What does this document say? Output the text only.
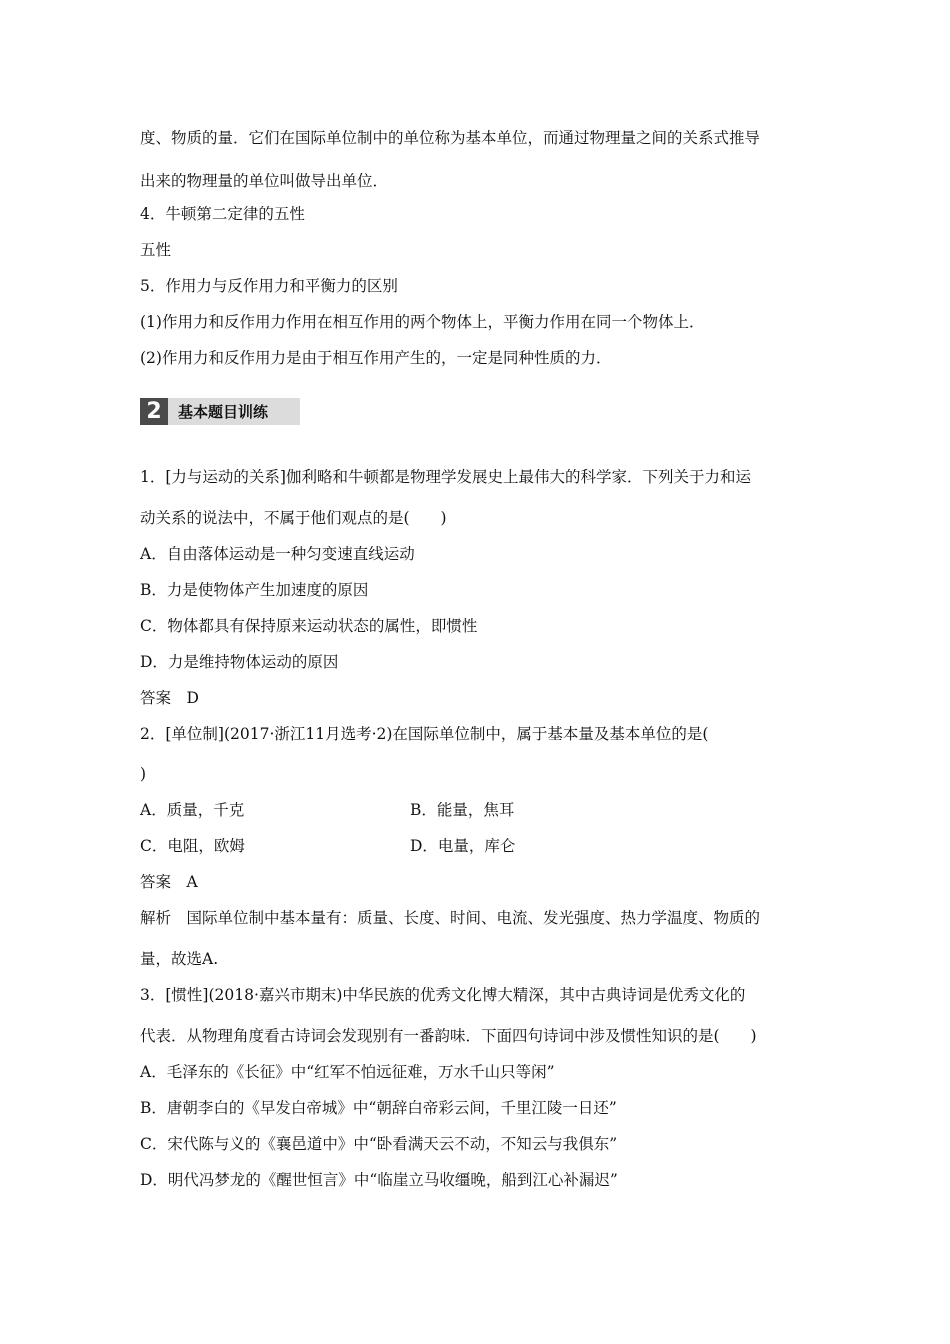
度、物质的量．它们在国际单位制中的单位称为基本单位，而通过物理量之间的关系式推导
出来的物理量的单位叫做导出单位．
4．牛顿第二定律的五性
五性
5．作用力与反作用力和平衡力的区别
(1)作用力和反作用力作用在相互作用的两个物体上，平衡力作用在同一个物体上．
(2)作用力和反作用力是由于相互作用产生的，一定是同种性质的力．
2	基本题目训练
1．[力与运动的关系]伽利略和牛顿都是物理学发展史上最伟大的科学家．下列关于力和运
动关系的说法中，不属于他们观点的是(　　)
A．自由落体运动是一种匀变速直线运动
B．力是使物体产生加速度的原因
C．物体都具有保持原来运动状态的属性，即惯性
D．力是维持物体运动的原因
答案　D
2．[单位制](2017·浙江11月选考·2)在国际单位制中，属于基本量及基本单位的是(
)
A．质量，千克	B．能量，焦耳
C．电阻，欧姆	D．电量，库仑
答案　A
解析　国际单位制中基本量有：质量、长度、时间、电流、发光强度、热力学温度、物质的
量，故选A.
3．[惯性](2018·嘉兴市期末)中华民族的优秀文化博大精深，其中古典诗词是优秀文化的
代表．从物理角度看古诗词会发现别有一番韵味．下面四句诗词中涉及惯性知识的是(　　)
A．毛泽东的《长征》中“红军不怕远征难，万水千山只等闲”
B．唐朝李白的《早发白帝城》中“朝辞白帝彩云间，千里江陵一日还”
C．宋代陈与义的《襄邑道中》中“卧看满天云不动，不知云与我俱东”
D．明代冯梦龙的《醒世恒言》中“临崖立马收缰晚，船到江心补漏迟”
